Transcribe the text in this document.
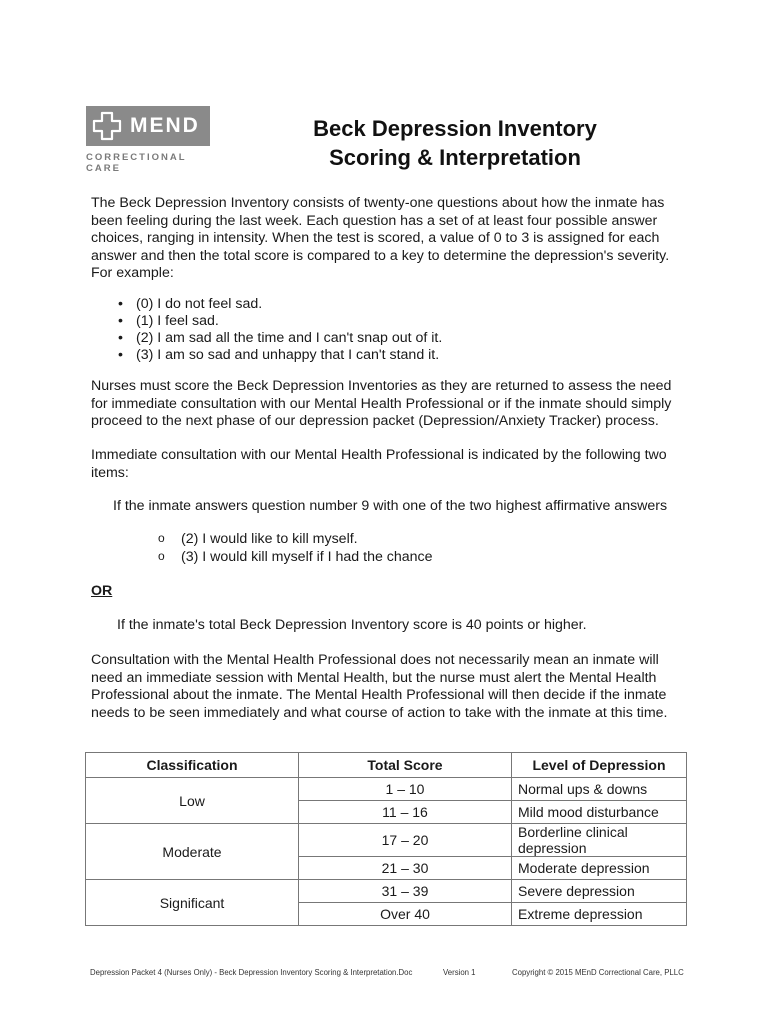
MEND
CORRECTIONAL CARE
Beck Depression Inventory
Scoring & Interpretation

The Beck Depression Inventory consists of twenty-one questions about how the inmate has been feeling during the last week. Each question has a set of at least four possible answer choices, ranging in intensity. When the test is scored, a value of 0 to 3 is assigned for each answer and then the total score is compared to a key to determine the depression's severity. For example:

• (0) I do not feel sad.
• (1) I feel sad.
• (2) I am sad all the time and I can't snap out of it.
• (3) I am so sad and unhappy that I can't stand it.

Nurses must score the Beck Depression Inventories as they are returned to assess the need for immediate consultation with our Mental Health Professional or if the inmate should simply proceed to the next phase of our depression packet (Depression/Anxiety Tracker) process.

Immediate consultation with our Mental Health Professional is indicated by the following two items:

If the inmate answers question number 9 with one of the two highest affirmative answers

o (2) I would like to kill myself.
o (3) I would kill myself if I had the chance
OR

If the inmate's total Beck Depression Inventory score is 40 points or higher.

Consultation with the Mental Health Professional does not necessarily mean an inmate will need an immediate session with Mental Health, but the nurse must alert the Mental Health Professional about the inmate. The Mental Health Professional will then decide if the inmate needs to be seen immediately and what course of action to take with the inmate at this time.

Classification	Total Score	Level of Depression
Low	1 – 10	Normal ups & downs
	11 – 16	Mild mood disturbance
Moderate	17 – 20	Borderline clinical depression
	21 – 30	Moderate depression
Significant	31 – 39	Severe depression
	Over 40	Extreme depression
Depression Packet 4 (Nurses Only) - Beck Depression Inventory Scoring & Interpretation.Doc	Version 1	Copyright © 2015 MEnD Correctional Care, PLLC
